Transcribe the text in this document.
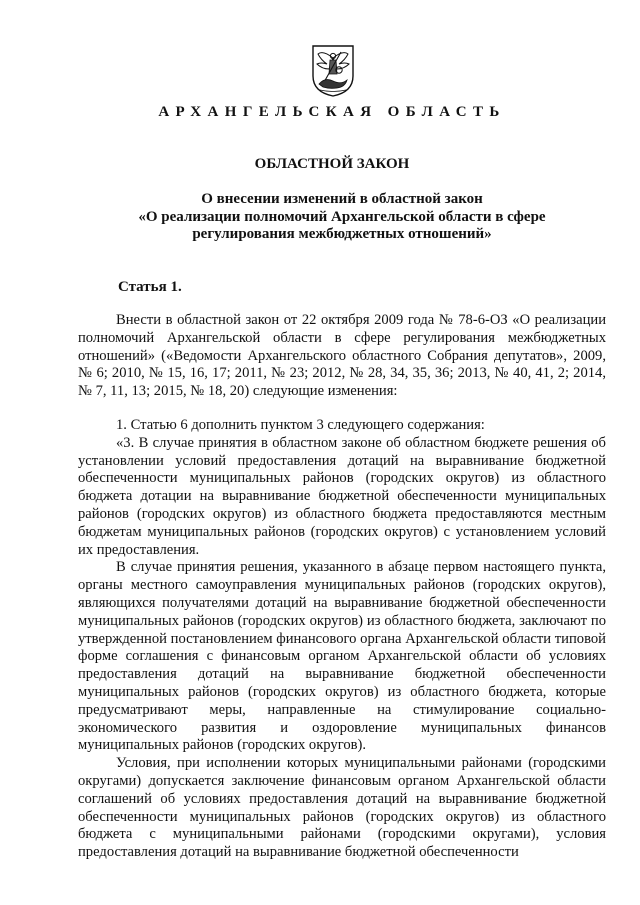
АРХАНГЕЛЬСКАЯ ОБЛАСТЬ
ОБЛАСТНОЙ ЗАКОН
О внесении изменений в областной закон
«О реализации полномочий Архангельской области в сфере
регулирования межбюджетных отношений»
Статья 1.

Внести в областной закон от 22 октября 2009 года № 78-6-ОЗ «О реализации полномочий Архангельской области в сфере регулирования межбюджетных отношений» («Ведомости Архангельского областного Собрания депутатов», 2009, № 6; 2010, № 15, 16, 17; 2011, № 23; 2012, № 28, 34, 35, 36; 2013, № 40, 41, 2; 2014, № 7, 11, 13; 2015, № 18, 20) следующие изменения:

1. Статью 6 дополнить пунктом 3 следующего содержания:

«3. В случае принятия в областном законе об областном бюджете решения об установлении условий предоставления дотаций на выравнивание бюджетной обеспеченности муниципальных районов (городских округов) из областного бюджета дотации на выравнивание бюджетной обеспеченности муниципальных районов (городских округов) из областного бюджета предоставляются местным бюджетам муниципальных районов (городских округов) с установлением условий их предоставления.

В случае принятия решения, указанного в абзаце первом настоящего пункта, органы местного самоуправления муниципальных районов (городских округов), являющихся получателями дотаций на выравнивание бюджетной обеспеченности муниципальных районов (городских округов) из областного бюджета, заключают по утвержденной постановлением финансового органа Архангельской области типовой форме соглашения с финансовым органом Архангельской области об условиях предоставления дотаций на выравнивание бюджетной обеспеченности муниципальных районов (городских округов) из областного бюджета, которые предусматривают меры, направленные на стимулирование социально-экономического развития и оздоровление муниципальных финансов муниципальных районов (городских округов).

Условия, при исполнении которых муниципальными районами (городскими округами) допускается заключение финансовым органом Архангельской области соглашений об условиях предоставления дотаций на выравнивание бюджетной обеспеченности муниципальных районов (городских округов) из областного бюджета с муниципальными районами (городскими округами), условия предоставления дотаций на выравнивание бюджетной обеспеченности
